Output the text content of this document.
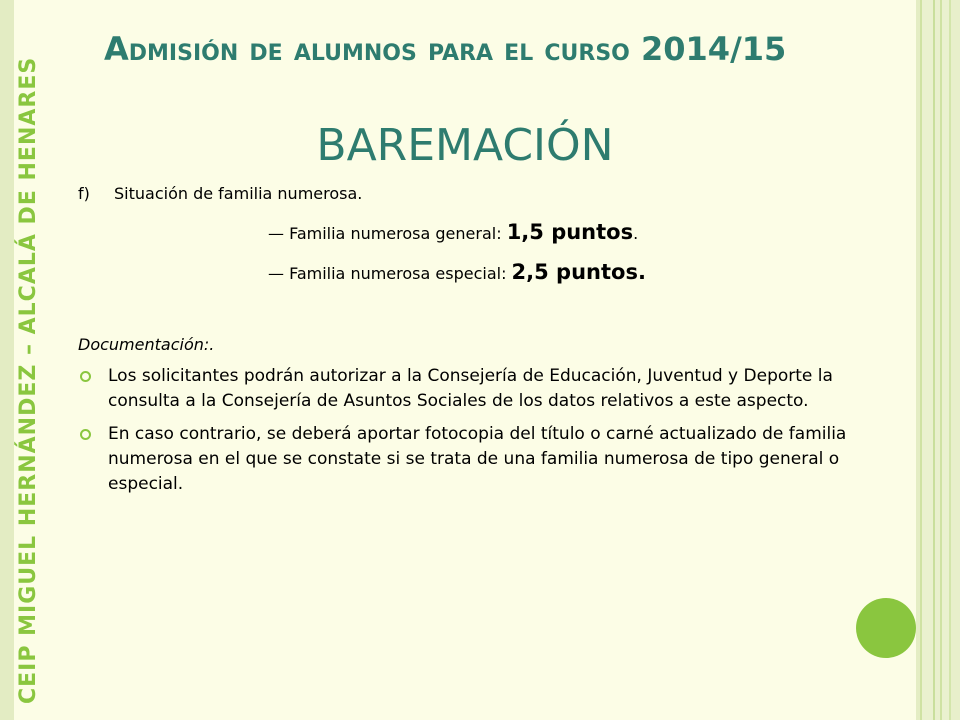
CEIP MIGUEL HERNÁNDEZ – ALCALÁ DE HENARES
Admisión de alumnos para el curso 2014/15
BAREMACIÓN
f) Situación de familia numerosa.
— Familia numerosa general: 1,5 puntos.
— Familia numerosa especial: 2,5 puntos.
Documentación:.
Los solicitantes podrán autorizar a la Consejería de Educación, Juventud y Deporte la consulta a la Consejería de Asuntos Sociales de los datos relativos a este aspecto.
En caso contrario, se deberá aportar fotocopia del título o carné actualizado de familia numerosa en el que se constate si se trata de una familia numerosa de tipo general o especial.
